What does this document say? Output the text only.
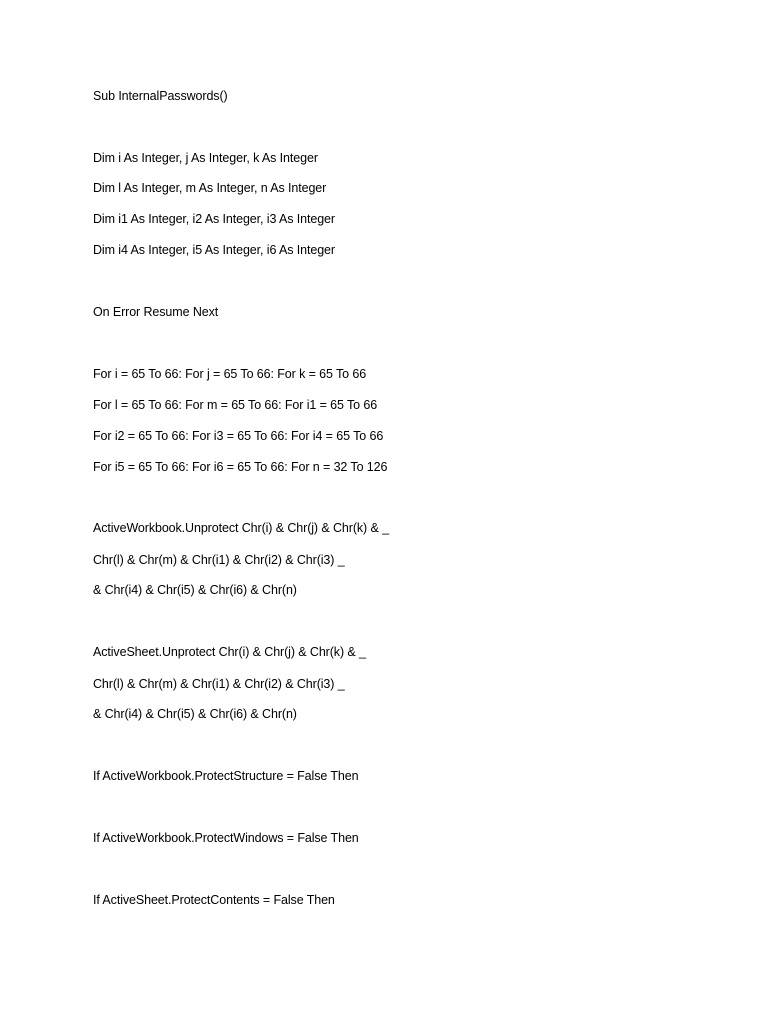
Sub InternalPasswords()
Dim i As Integer, j As Integer, k As Integer
Dim l As Integer, m As Integer, n As Integer
Dim i1 As Integer, i2 As Integer, i3 As Integer
Dim i4 As Integer, i5 As Integer, i6 As Integer
On Error Resume Next
For i = 65 To 66: For j = 65 To 66: For k = 65 To 66
For l = 65 To 66: For m = 65 To 66: For i1 = 65 To 66
For i2 = 65 To 66: For i3 = 65 To 66: For i4 = 65 To 66
For i5 = 65 To 66: For i6 = 65 To 66: For n = 32 To 126
ActiveWorkbook.Unprotect Chr(i) & Chr(j) & Chr(k) & _
Chr(l) & Chr(m) & Chr(i1) & Chr(i2) & Chr(i3) _
& Chr(i4) & Chr(i5) & Chr(i6) & Chr(n)
ActiveSheet.Unprotect Chr(i) & Chr(j) & Chr(k) & _
Chr(l) & Chr(m) & Chr(i1) & Chr(i2) & Chr(i3) _
& Chr(i4) & Chr(i5) & Chr(i6) & Chr(n)
If ActiveWorkbook.ProtectStructure = False Then
If ActiveWorkbook.ProtectWindows = False Then
If ActiveSheet.ProtectContents = False Then
